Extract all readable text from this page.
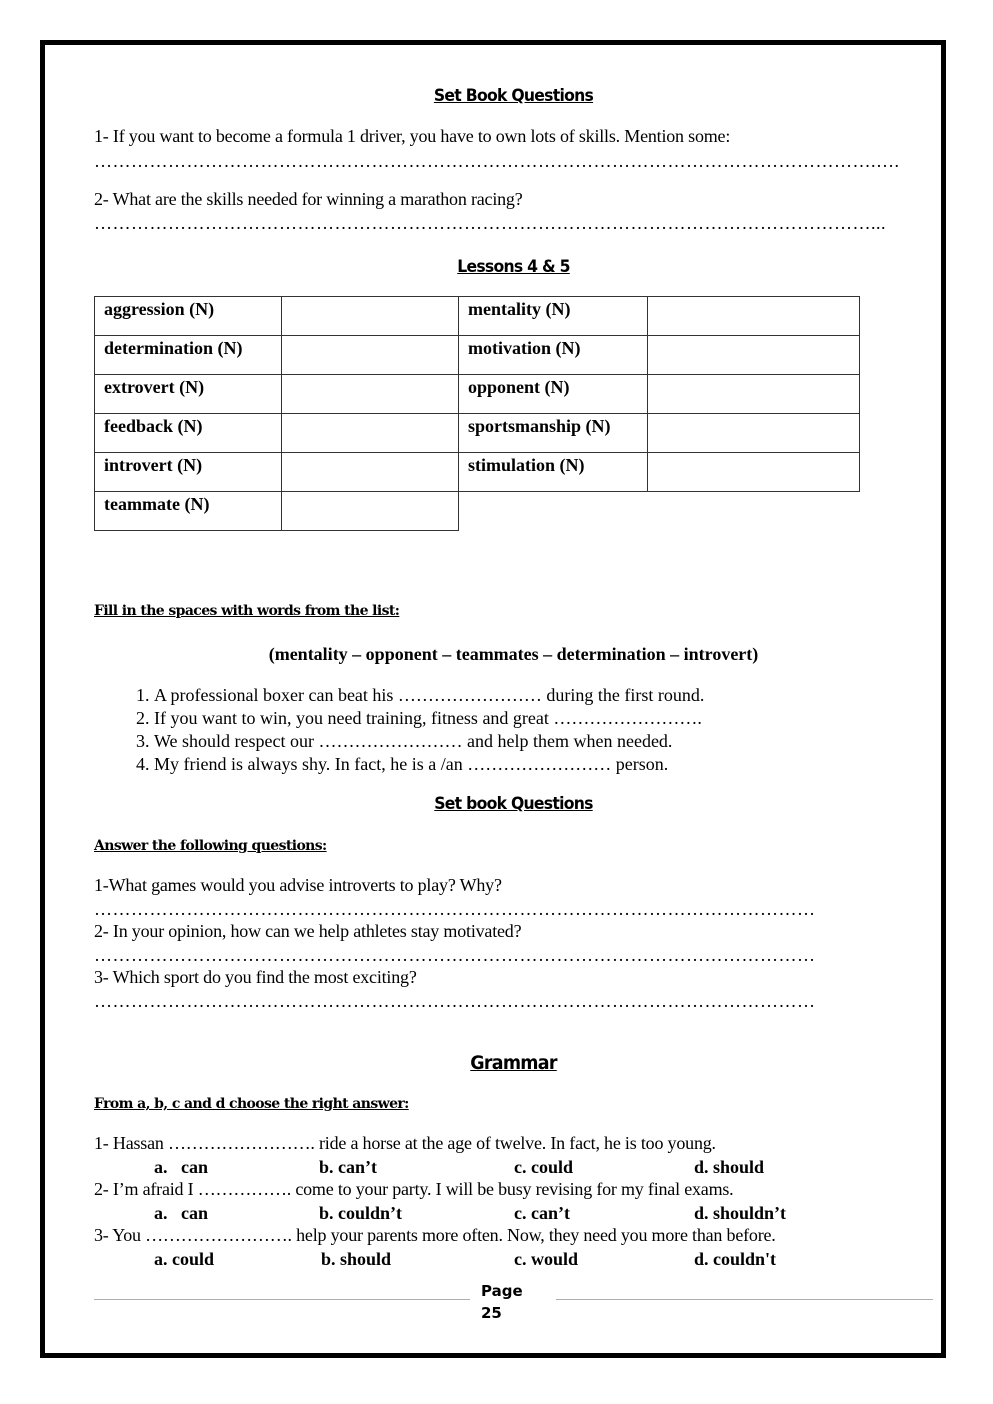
Set Book Questions
1- If you want to become a formula 1 driver, you have to own lots of skills. Mention some:
……………………………………………………………………………………………………………….….
2- What are the skills needed for winning a marathon racing?
………………………………………………………………………………………………………………...
Lessons 4 & 5
aggression (N)		mentality (N)	
determination (N)		motivation (N)	
extrovert (N)		opponent (N)	
feedback (N)		sportsmanship (N)	
introvert (N)		stimulation (N)	
teammate (N)			
Fill in the spaces with words from the list:
(mentality – opponent – teammates – determination – introvert)
1. A professional boxer can beat his …………………… during the first round.
2. If you want to win, you need training, fitness and great …………………….
3. We should respect our …………………… and help them when needed.
4. My friend is always shy. In fact, he is a /an …………………… person.
Set book Questions
Answer the following questions:
1-What games would you advise introverts to play? Why?
………………………………………………………………………………………………………
2- In your opinion, how can we help athletes stay motivated?
………………………………………………………………………………………………………
3- Which sport do you find the most exciting?
………………………………………………………………………………………………………
Grammar
From a, b, c and d choose the right answer:
1- Hassan ……………………. ride a horse at the age of twelve. In fact, he is too young.
a.   can	b. can’t	c. could	d. should
2- I’m afraid I ……………. come to your party. I will be busy revising for my final exams.
a.   can	b. couldn’t	c. can’t	d. shouldn’t
3- You ……………………. help your parents more often. Now, they need you more than before.
a. could	b. should	c. would	d. couldn't
Page
25
